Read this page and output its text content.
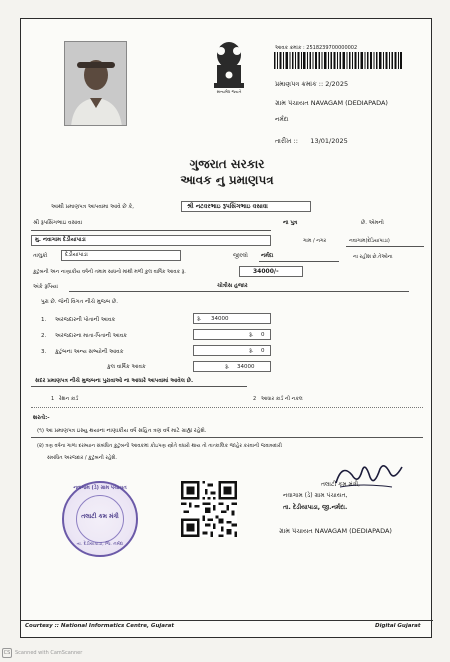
સત્યમેવ જયતે
આવક ક્રમાંક : 2518239700000002
પ્રમાણપત્ર ક્રમાંક :: 2/2025
ગ્રામ પંચાયત NAVAGAM (DEDIAPADA)
નર્મદા
તારીખ ::      13/01/2025
ગુજરાત સરકાર
આવક નુ પ્રમાણપત્ર
આથી પ્રમાણપત્ર આપવામા આવે છે કે,	શ્રી નટવરભાઇ રૂપસિંગભાઇ વસાવા
શ્રી રૂપસિંગભાઇ વસાવા	ના પુત્ર	છે. એમનો
મુ. નવાગામ દેડીયાપાડા	ગામ / નગર	નવાગામ(દેડિયાપાડા)
તાલુકો	દેડીયાપાડા	જીલ્લો નર્મદા	ના રહીશ છે.તેઓના
કુટુંબની અન નાણાકીય વર્ષની તમામ સાધનો માંથી મળી કુલ વાર્ષિક આવક રૂ.	34000/-
અંકે રૂપિયા	ચોત્રીસ હજાર
પુરા છે. જેની વિગત નીચે મુજબ છે.
1. અરજદારની પોતાની આવક	રૂ. 34000
2. અરજદારના માતા-પિતાની આવક	રૂ. 0
3. કુટુંબના અન્ય સભ્યોની આવક	રૂ. 0
કુલ વાર્ષિક આવક	રૂ. 34000
સદર પ્રમાણપત્ર નીચે મુજબના પુરાવાઓ ના આધારે આપવામાં આવેલ છે.
1 રેશન કાર્ડ	2 આધાર કાર્ડ ની નકલ
શરતો:-
(૧) આ પ્રમાણપત્ર ઇસ્યુ થયાના નાણાકીય વર્ષ સહિત ત્રણ વર્ષ માટે ગ્રાહ્ય રહેશે.
(૨) ત્રણ વર્ષના ગાળા દરમ્યાન સંબંધિત કુટુંબની આવકમાં કોઇપણ સ્ત્રોતે વધારો થાય તો તાત્કાલિક જાહેર કરવાની જવાબદારી
સંબંધિત અરજદાર / કુટુંબની રહેશે.
નવાગામ (ડે) ગ્રામ પંચાયત
તલાટી કમ મંત્રી
તા. દેડીયાપાડા, જિ. નર્મદા
તલાટી કમ મંત્રી,
નવાગામ (ડે) ગ્રામ પંચાયત,
તા. દેડીયાપાડા, જી.નર્મદા.
ગ્રામ પંચાયત NAVAGAM (DEDIAPADA)
Courtesy :: National Informatics Centre, Gujarat	Digital Gujarat
CS Scanned with CamScanner
